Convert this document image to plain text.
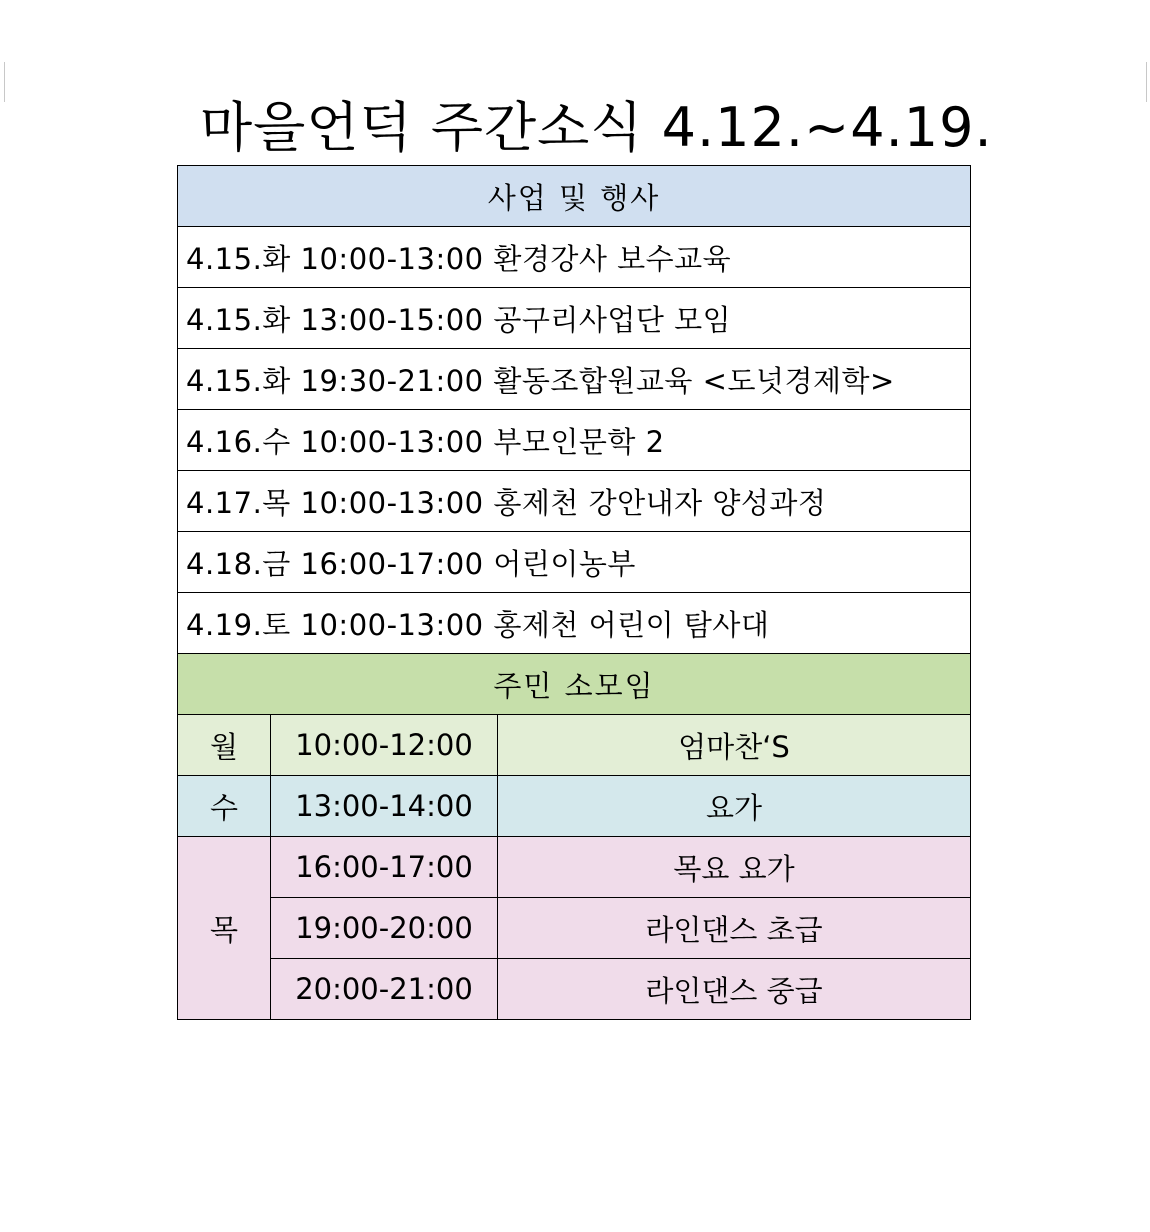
마을언덕 주간소식 4.12.~4.19.
사업 및 행사		
4.15.화 10:00-13:00 환경강사 보수교육		
4.15.화 13:00-15:00 공구리사업단 모임		
4.15.화 19:30-21:00 활동조합원교육 <도넛경제학>		
4.16.수 10:00-13:00 부모인문학 2		
4.17.목 10:00-13:00 홍제천 강안내자 양성과정		
4.18.금 16:00-17:00 어린이농부		
4.19.토 10:00-13:00 홍제천 어린이 탐사대		
주민 소모임		
월	10:00-12:00	엄마찬‘S
수	13:00-14:00	요가
목	16:00-17:00	목요 요가
	19:00-20:00	라인댄스 초급
	20:00-21:00	라인댄스 중급
